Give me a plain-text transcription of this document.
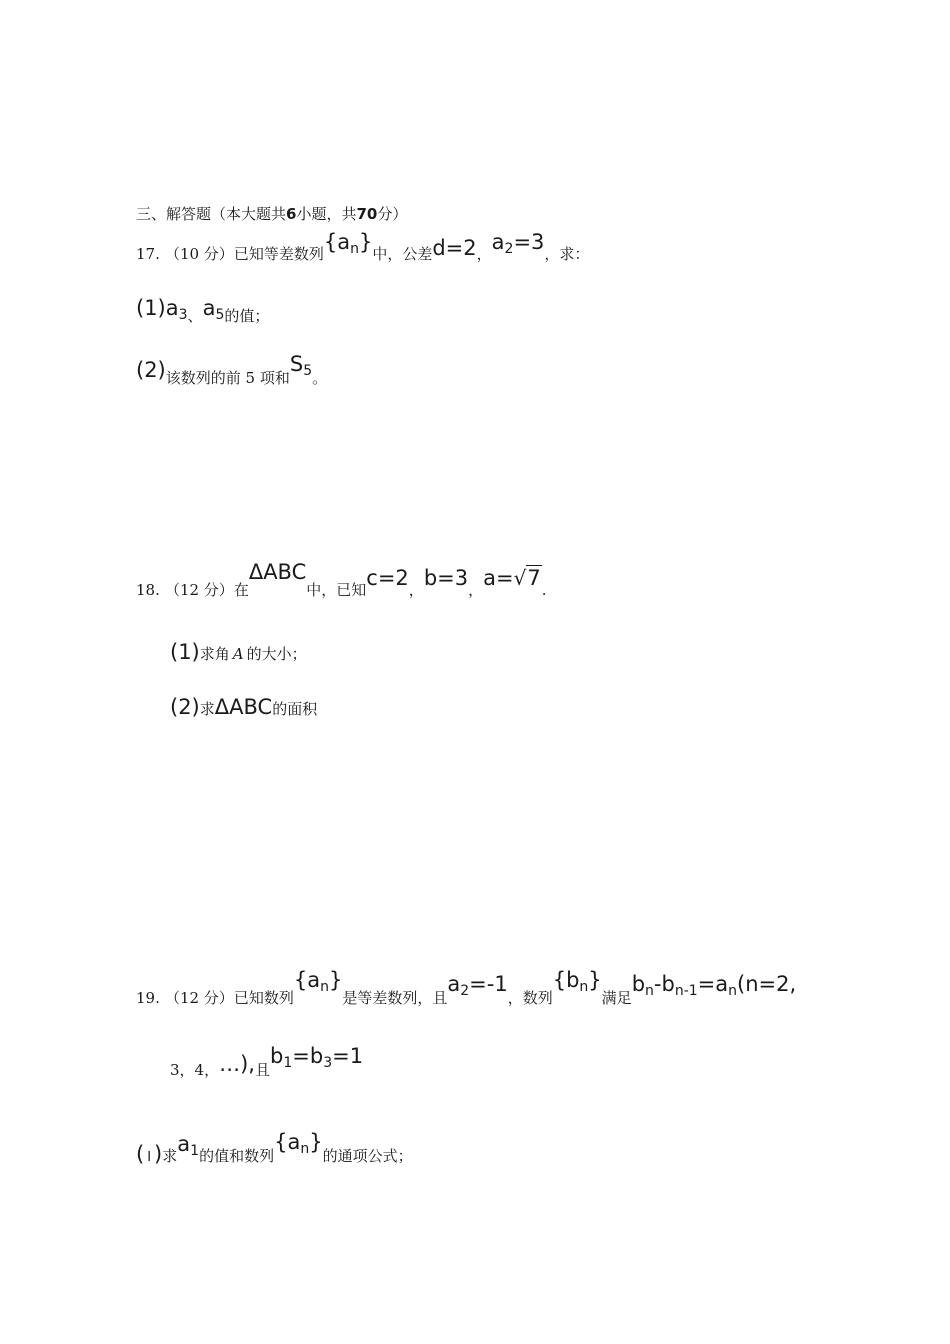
三、解答题（本大题共6小题，共70分）
17. （10 分）已知等差数列{an}中，公差d=2，a2=3，求：
(1)a3、a5的值；
(2)该数列的前 5 项和S5。
18. （12 分）在ΔABC中，已知c=2，b=3，a=√7.
(1)求角 A 的大小；
(2)求ΔABC的面积
19. （12 分）已知数列{an}是等差数列，且a2=-1，数列{bn}满足bn-bn-1=an(n=2,
3，4，…),且b1=b3=1
( I )求a1的值和数列{an}的通项公式；
